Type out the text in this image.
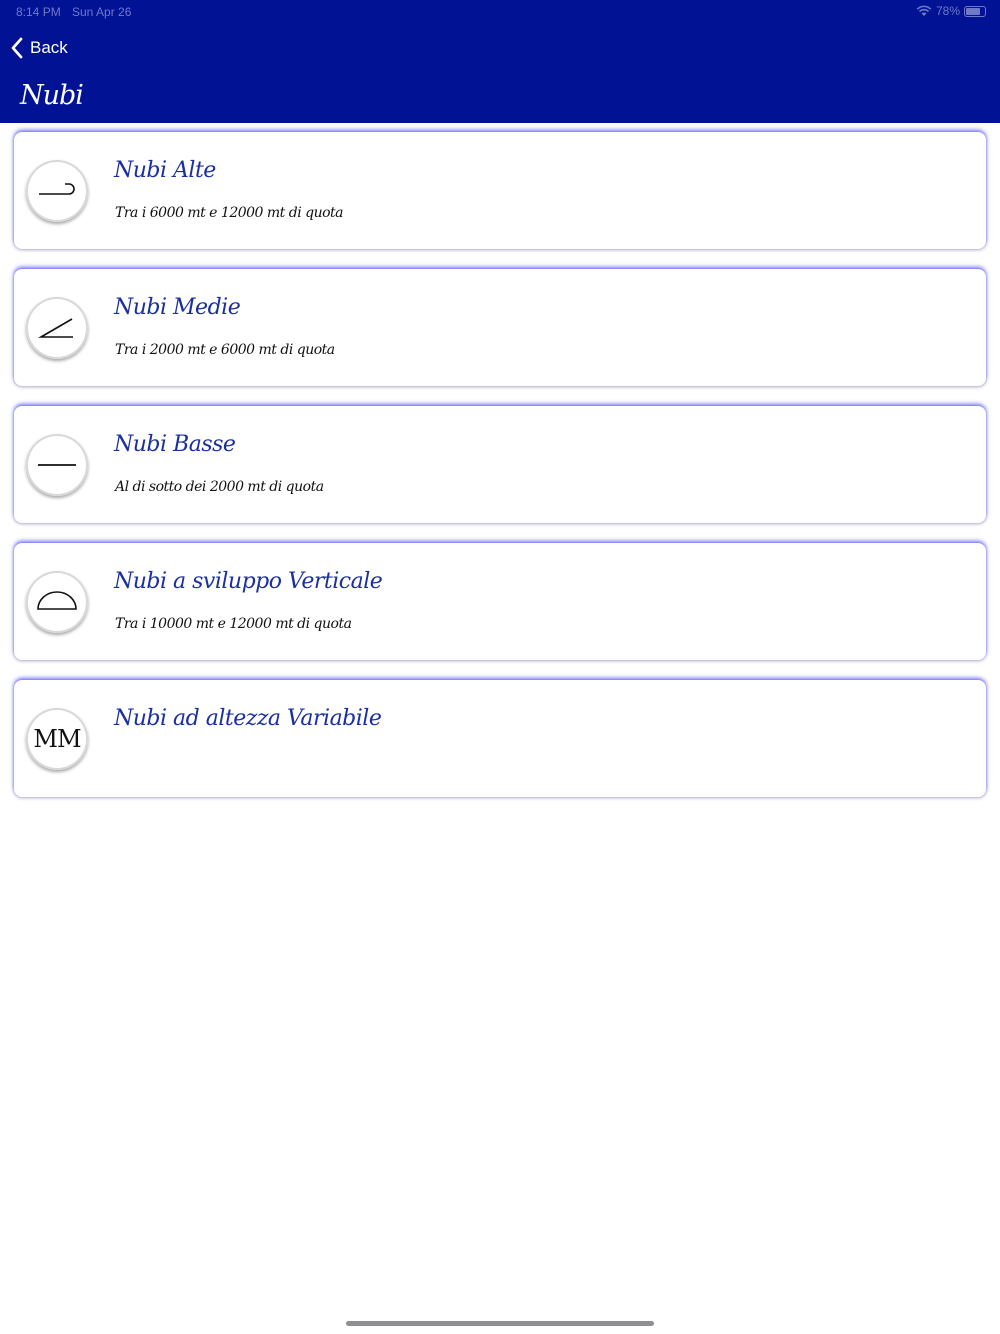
8:14 PM Sun Apr 26	78%
Back
Nubi
Nubi Alte
Tra i 6000 mt e 12000 mt di quota
Nubi Medie
Tra i 2000 mt e 6000 mt di quota
Nubi Basse
Al di sotto dei 2000 mt di quota
Nubi a sviluppo Verticale
Tra i 10000 mt e 12000 mt di quota
MM
Nubi ad altezza Variabile
